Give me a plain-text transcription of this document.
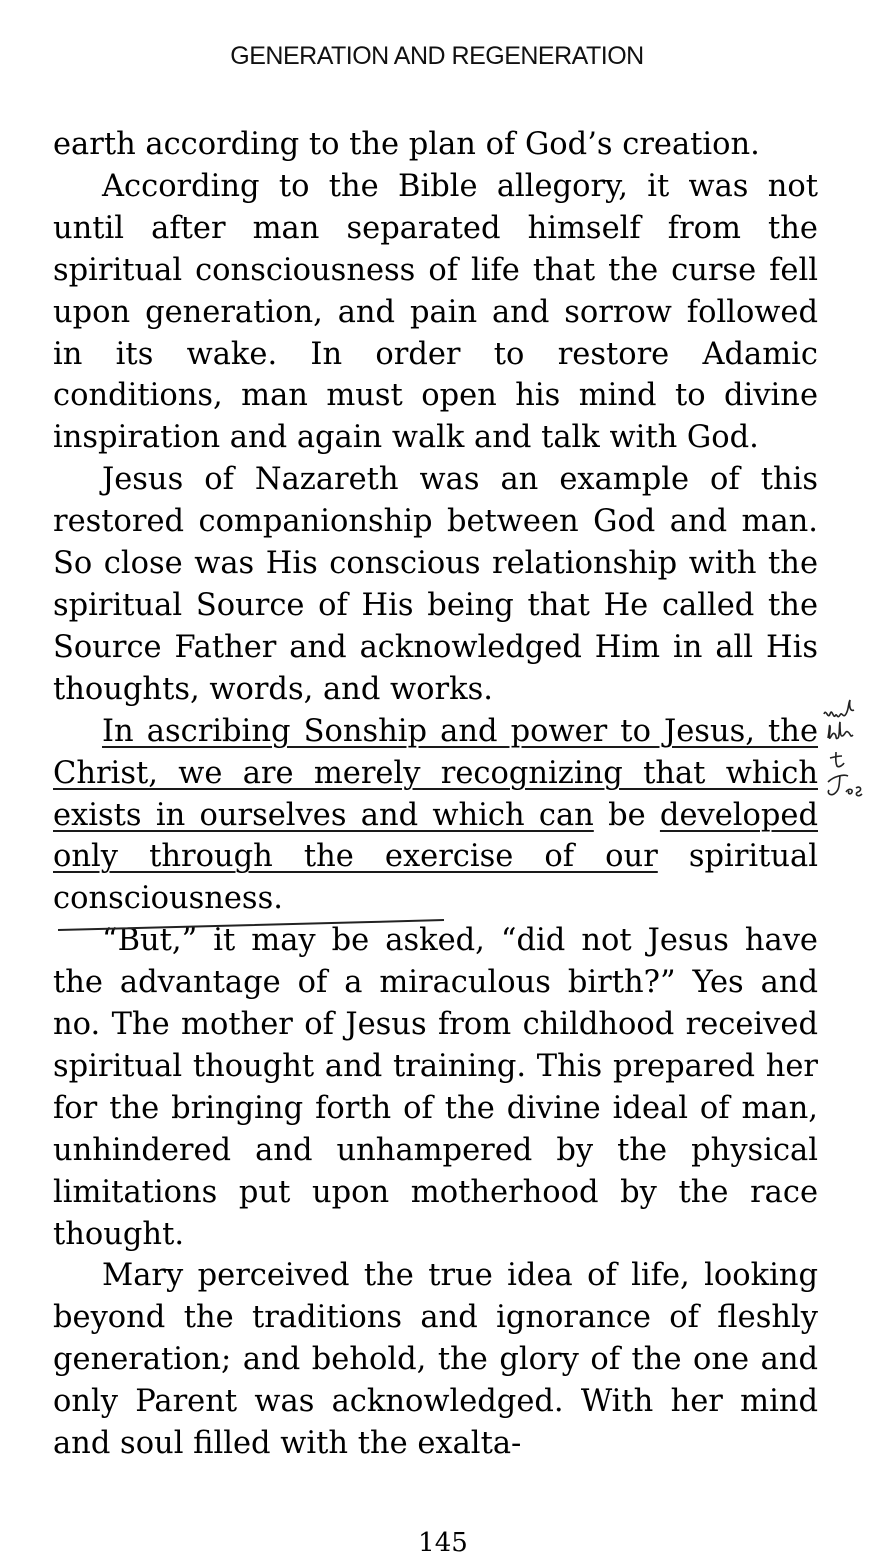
GENERATION AND REGENERATION

earth according to the plan of God’s creation.

According to the Bible allegory, it was not until after man separated himself from the spiritual consciousness of life that the curse fell upon generation, and pain and sorrow followed in its wake. In order to restore Adamic conditions, man must open his mind to divine inspiration and again walk and talk with God.

Jesus of Nazareth was an example of this restored companionship between God and man. So close was His conscious relationship with the spiritual Source of His being that He called the Source Father and acknowledged Him in all His thoughts, words, and works.

In ascribing Sonship and power to Jesus, the Christ, we are merely recognizing that which exists in ourselves and which can be developed only through the exercise of our spiritual consciousness.

“But,” it may be asked, “did not Jesus have the advantage of a miraculous birth?” Yes and no. The mother of Jesus from childhood received spiritual thought and training. This prepared her for the bringing forth of the divine ideal of man, unhindered and unhampered by the physical limitations put upon motherhood by the race thought.

Mary perceived the true idea of life, looking beyond the traditions and ignorance of fleshly generation; and behold, the glory of the one and only Parent was acknowledged. With her mind and soul filled with the exalta-

145
